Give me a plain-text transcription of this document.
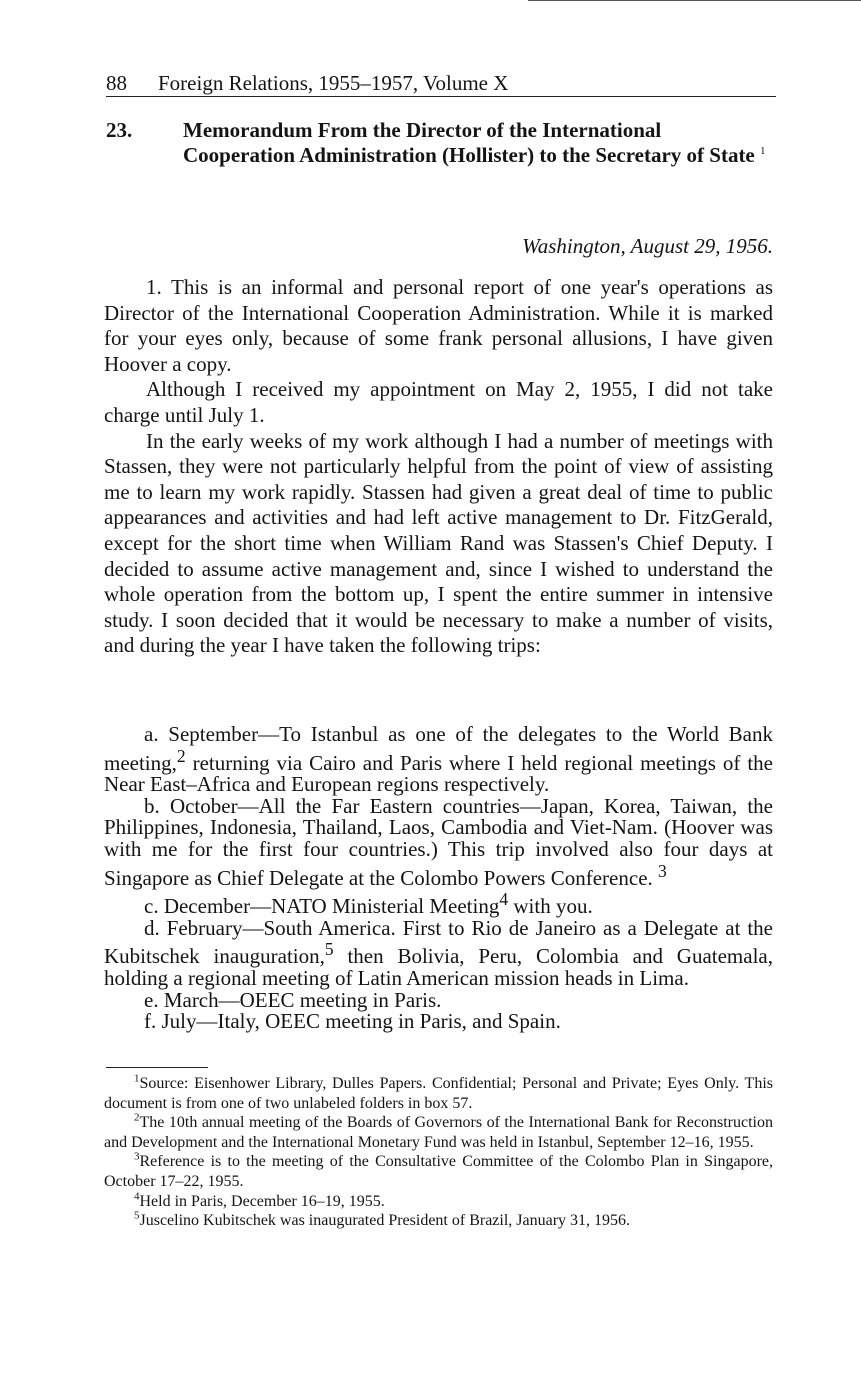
88 Foreign Relations, 1955–1957, Volume X
23. Memorandum From the Director of the International Cooperation Administration (Hollister) to the Secretary of State $^1$
Washington, August 29, 1956.

1. This is an informal and personal report of one year's operations as Director of the International Cooperation Administration. While it is marked for your eyes only, because of some frank personal allusions, I have given Hoover a copy.

Although I received my appointment on May 2, 1955, I did not take charge until July 1.

In the early weeks of my work although I had a number of meetings with Stassen, they were not particularly helpful from the point of view of assisting me to learn my work rapidly. Stassen had given a great deal of time to public appearances and activities and had left active management to Dr. FitzGerald, except for the short time when William Rand was Stassen's Chief Deputy. I decided to assume active management and, since I wished to understand the whole operation from the bottom up, I spent the entire summer in intensive study. I soon decided that it would be necessary to make a number of visits, and during the year I have taken the following trips:

a. September—To Istanbul as one of the delegates to the World Bank meeting,$^2$ returning via Cairo and Paris where I held regional meetings of the Near East–Africa and European regions respectively.

b. October—All the Far Eastern countries—Japan, Korea, Taiwan, the Philippines, Indonesia, Thailand, Laos, Cambodia and Viet-Nam. (Hoover was with me for the first four countries.) This trip involved also four days at Singapore as Chief Delegate at the Colombo Powers Conference. $^3$

c. December—NATO Ministerial Meeting$^4$ with you.

d. February—South America. First to Rio de Janeiro as a Delegate at the Kubitschek inauguration,$^5$ then Bolivia, Peru, Colombia and Guatemala, holding a regional meeting of Latin American mission heads in Lima.

e. March—OEEC meeting in Paris.

f. July—Italy, OEEC meeting in Paris, and Spain.

$^1$Source: Eisenhower Library, Dulles Papers. Confidential; Personal and Private; Eyes Only. This document is from one of two unlabeled folders in box 57.

$^2$The 10th annual meeting of the Boards of Governors of the International Bank for Reconstruction and Development and the International Monetary Fund was held in Istanbul, September 12–16, 1955.

$^3$Reference is to the meeting of the Consultative Committee of the Colombo Plan in Singapore, October 17–22, 1955.

$^4$Held in Paris, December 16–19, 1955.

$^5$Juscelino Kubitschek was inaugurated President of Brazil, January 31, 1956.
